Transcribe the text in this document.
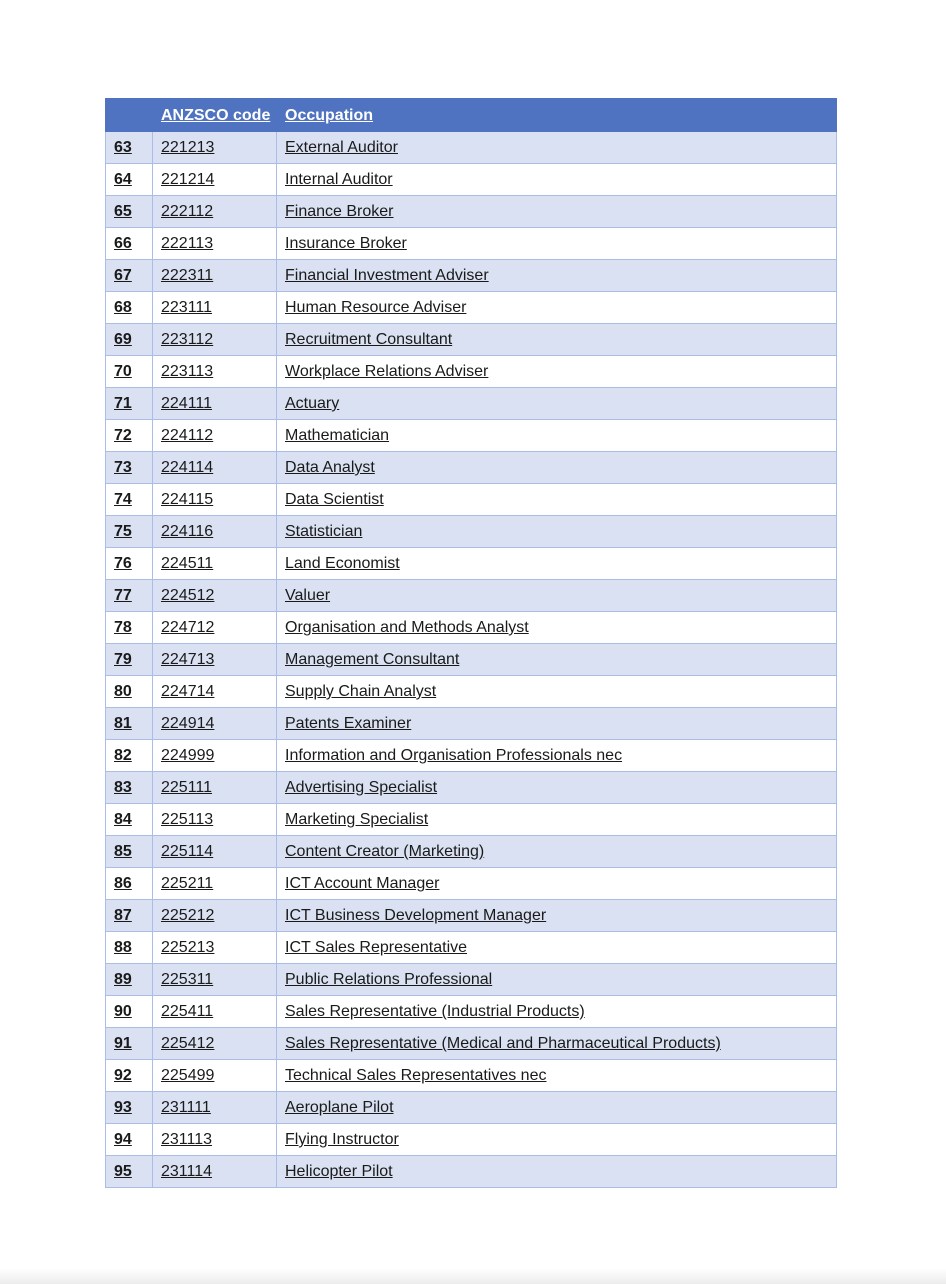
	ANZSCO code	Occupation
63	221213	External Auditor
64	221214	Internal Auditor
65	222112	Finance Broker
66	222113	Insurance Broker
67	222311	Financial Investment Adviser
68	223111	Human Resource Adviser
69	223112	Recruitment Consultant
70	223113	Workplace Relations Adviser
71	224111	Actuary
72	224112	Mathematician
73	224114	Data Analyst
74	224115	Data Scientist
75	224116	Statistician
76	224511	Land Economist
77	224512	Valuer
78	224712	Organisation and Methods Analyst
79	224713	Management Consultant
80	224714	Supply Chain Analyst
81	224914	Patents Examiner
82	224999	Information and Organisation Professionals nec
83	225111	Advertising Specialist
84	225113	Marketing Specialist
85	225114	Content Creator (Marketing)
86	225211	ICT Account Manager
87	225212	ICT Business Development Manager
88	225213	ICT Sales Representative
89	225311	Public Relations Professional
90	225411	Sales Representative (Industrial Products)
91	225412	Sales Representative (Medical and Pharmaceutical Products)
92	225499	Technical Sales Representatives nec
93	231111	Aeroplane Pilot
94	231113	Flying Instructor
95	231114	Helicopter Pilot
